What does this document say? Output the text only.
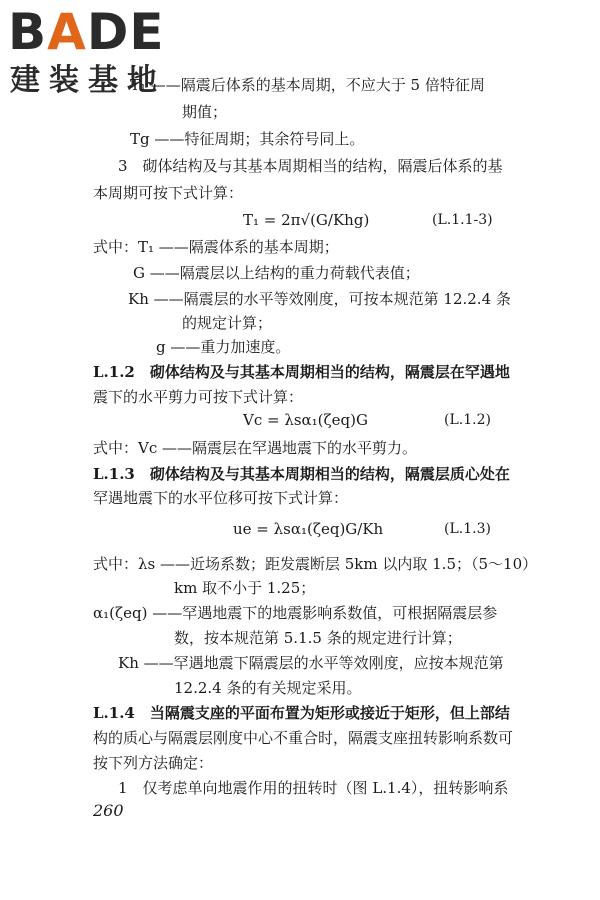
BADE
建装基地
T₁ ——隔震后体系的基本周期，不应大于 5 倍特征周
期值；
Tg ——特征周期；其余符号同上。
3　砌体结构及与其基本周期相当的结构，隔震后体系的基
本周期可按下式计算：
T₁ = 2π√(G/Khg)	(L.1.1-3)
式中：T₁ ——隔震体系的基本周期；
G ——隔震层以上结构的重力荷载代表值；
Kh ——隔震层的水平等效刚度，可按本规范第 12.2.4 条
的规定计算；
g ——重力加速度。
L.1.2　砌体结构及与其基本周期相当的结构，隔震层在罕遇地
震下的水平剪力可按下式计算：
Vc = λsα₁(ζeq)G	(L.1.2)
式中：Vc ——隔震层在罕遇地震下的水平剪力。
L.1.3　砌体结构及与其基本周期相当的结构，隔震层质心处在
罕遇地震下的水平位移可按下式计算：
ue = λsα₁(ζeq)G/Kh	(L.1.3)
式中：λs ——近场系数；距发震断层 5km 以内取 1.5；（5～10）
km 取不小于 1.25；
α₁(ζeq) ——罕遇地震下的地震影响系数值，可根据隔震层参
数，按本规范第 5.1.5 条的规定进行计算；
Kh ——罕遇地震下隔震层的水平等效刚度，应按本规范第
12.2.4 条的有关规定采用。
L.1.4　当隔震支座的平面布置为矩形或接近于矩形，但上部结
构的质心与隔震层刚度中心不重合时，隔震支座扭转影响系数可
按下列方法确定：
1　仅考虑单向地震作用的扭转时（图 L.1.4），扭转影响系
260
